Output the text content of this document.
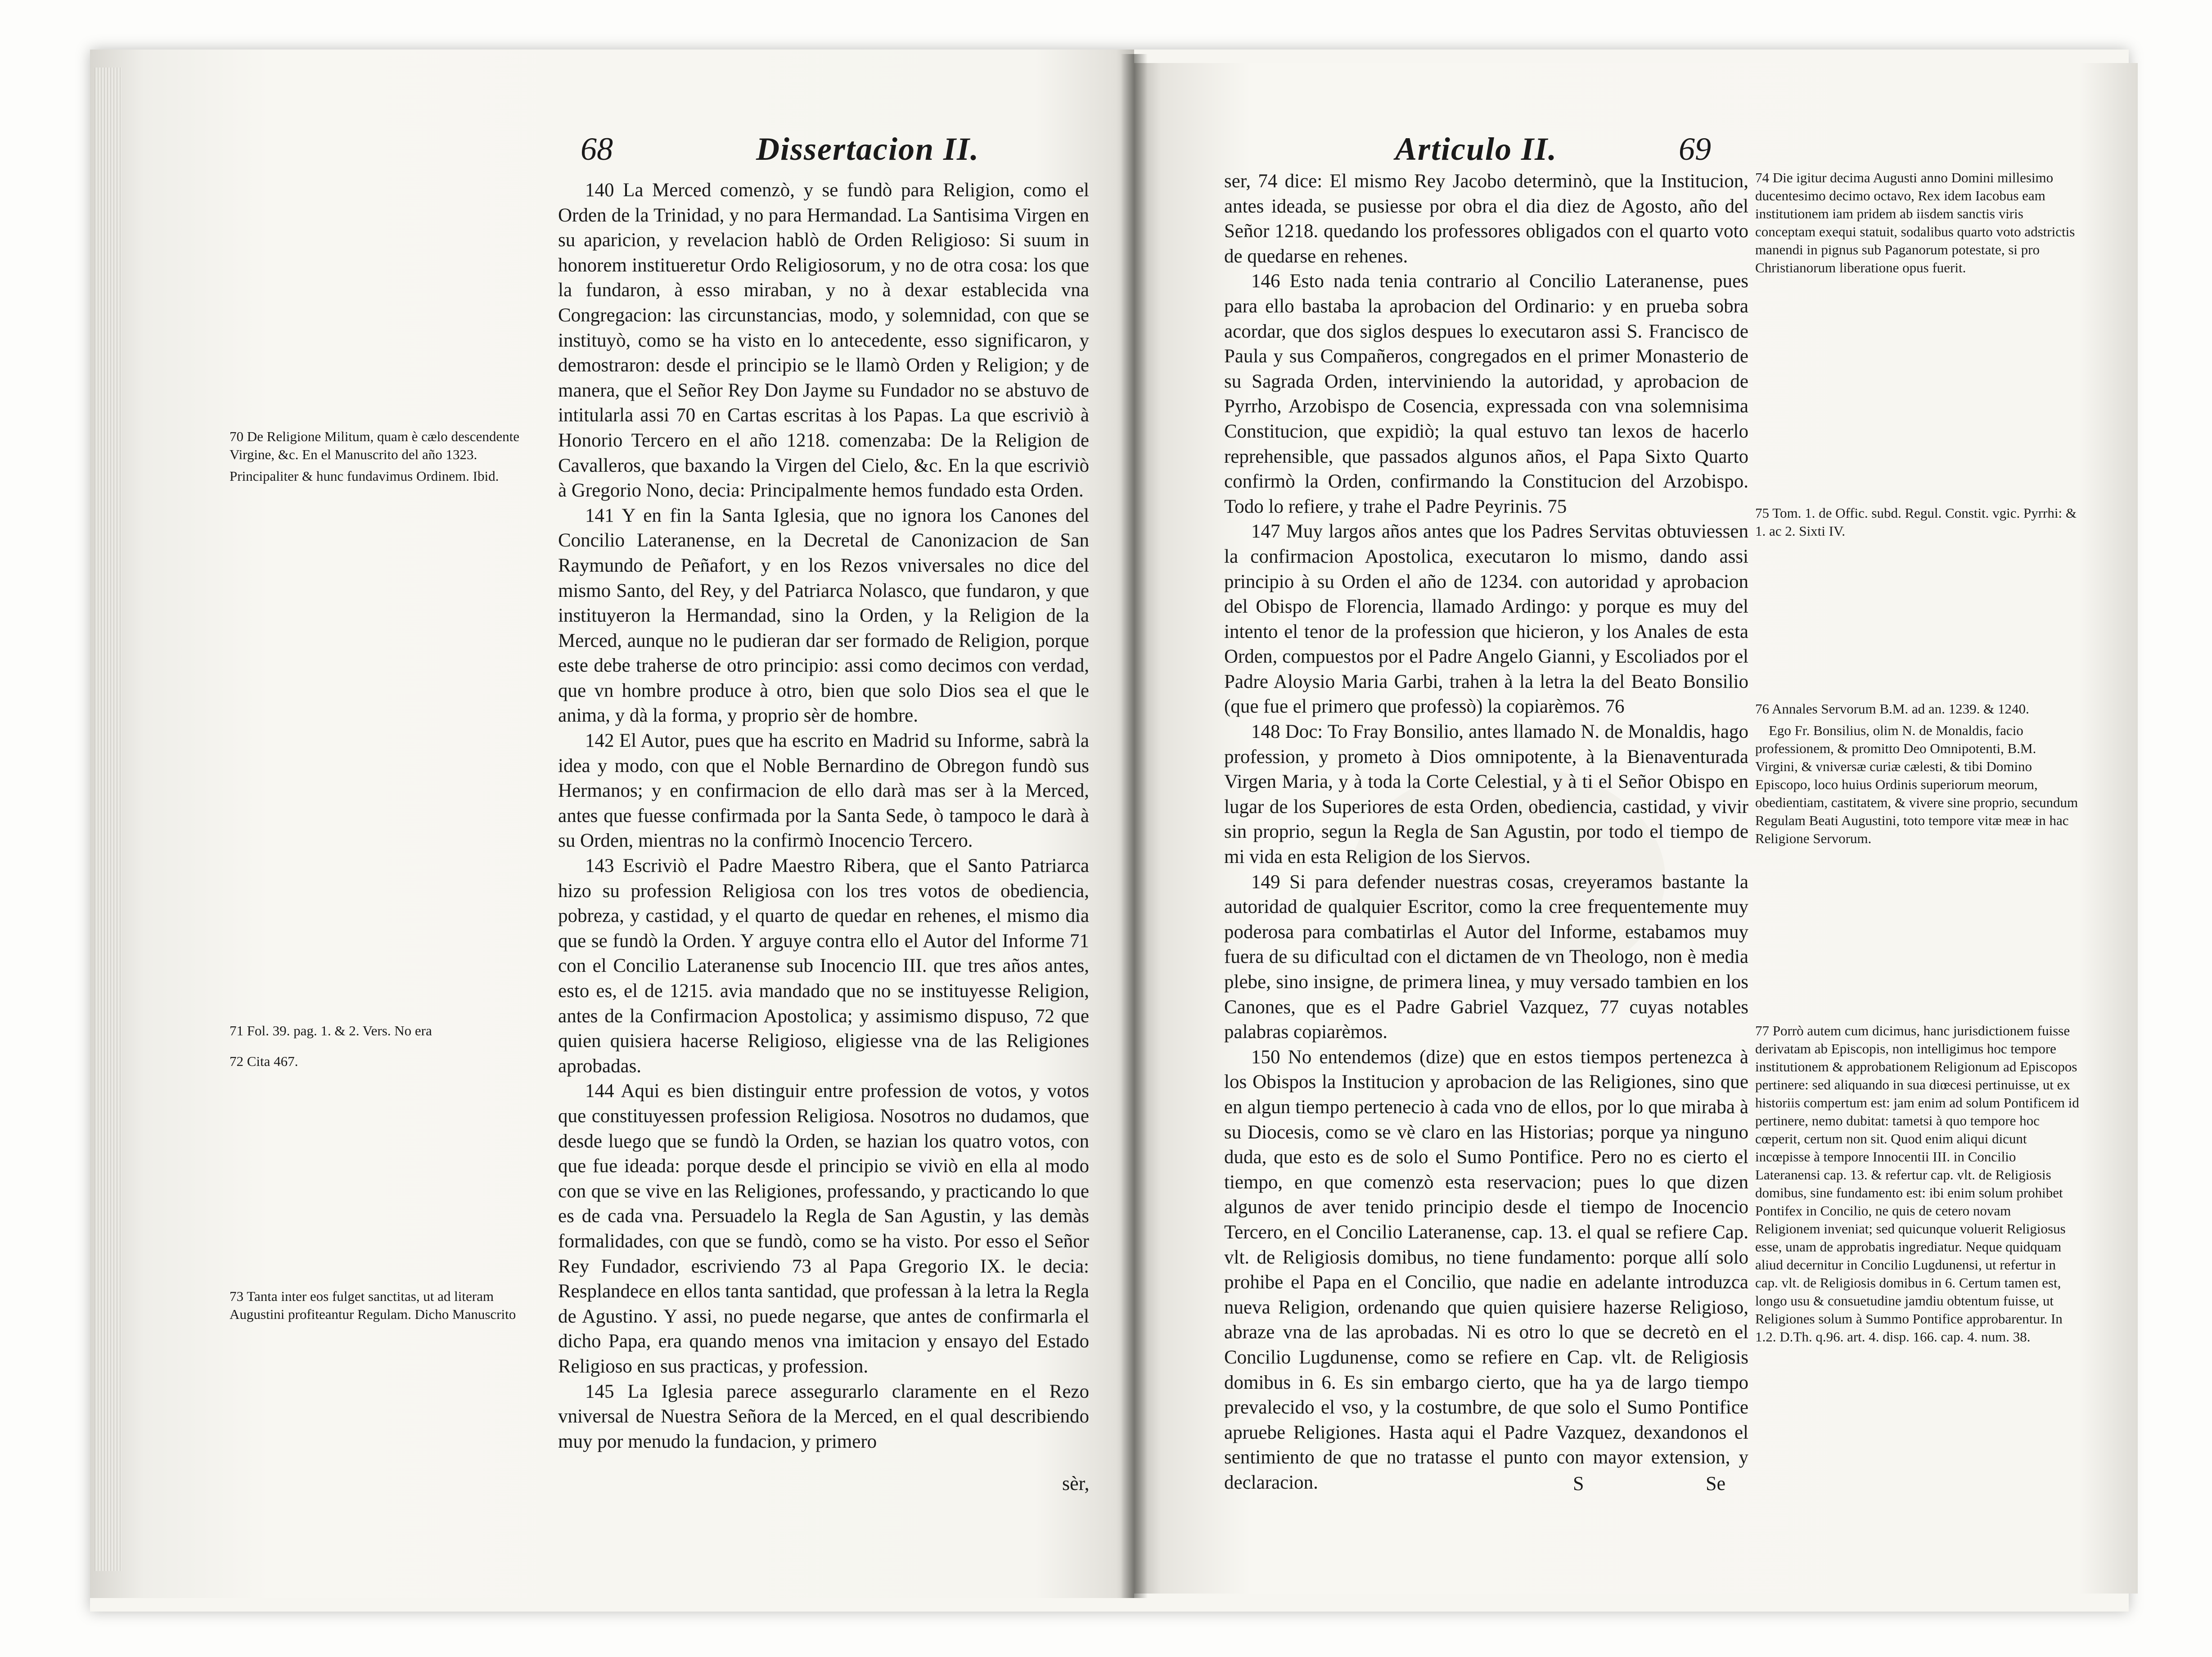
68	Dissertacion II.

140 La Merced comenzò, y se fundò para Religion, como el Orden de la Trinidad, y no para Hermandad. La Santisima Virgen en su aparicion, y revelacion hablò de Orden Religioso: Si suum in honorem institueretur Ordo Religiosorum, y no de otra cosa: los que la fundaron, à esso miraban, y no à dexar establecida vna Congregacion: las circunstancias, modo, y solemnidad, con que se instituyò, como se ha visto en lo antecedente, esso significaron, y demostraron: desde el principio se le llamò Orden y Religion; y de manera, que el Señor Rey Don Jayme su Fundador no se abstuvo de intitularla assi 70 en Cartas escritas à los Papas. La que escriviò à Honorio Tercero en el año 1218. comenzaba: De la Religion de Cavalleros, que baxando la Virgen del Cielo, &c. En la que escriviò à Gregorio Nono, decia: Principalmente hemos fundado esta Orden.

141 Y en fin la Santa Iglesia, que no ignora los Canones del Concilio Lateranense, en la Decretal de Canonizacion de San Raymundo de Peñafort, y en los Rezos vniversales no dice del mismo Santo, del Rey, y del Patriarca Nolasco, que fundaron, y que instituyeron la Hermandad, sino la Orden, y la Religion de la Merced, aunque no le pudieran dar ser formado de Religion, porque este debe traherse de otro principio: assi como decimos con verdad, que vn hombre produce à otro, bien que solo Dios sea el que le anima, y dà la forma, y proprio sèr de hombre.

142 El Autor, pues que ha escrito en Madrid su Informe, sabrà la idea y modo, con que el Noble Bernardino de Obregon fundò sus Hermanos; y en confirmacion de ello darà mas ser à la Merced, antes que fuesse confirmada por la Santa Sede, ò tampoco le darà à su Orden, mientras no la confirmò Inocencio Tercero.

143 Escriviò el Padre Maestro Ribera, que el Santo Patriarca hizo su profession Religiosa con los tres votos de obediencia, pobreza, y castidad, y el quarto de quedar en rehenes, el mismo dia que se fundò la Orden. Y arguye contra ello el Autor del Informe 71 con el Concilio Lateranense sub Inocencio III. que tres años antes, esto es, el de 1215. avia mandado que no se instituyesse Religion, antes de la Confirmacion Apostolica; y assimismo dispuso, 72 que quien quisiera hacerse Religioso, eligiesse vna de las Religiones aprobadas.

144 Aqui es bien distinguir entre profession de votos, y votos que constituyessen profession Religiosa. Nosotros no dudamos, que desde luego que se fundò la Orden, se hazian los quatro votos, con que fue ideada: porque desde el principio se viviò en ella al modo con que se vive en las Religiones, professando, y practicando lo que es de cada vna. Persuadelo la Regla de San Agustin, y las demàs formalidades, con que se fundò, como se ha visto. Por esso el Señor Rey Fundador, escriviendo 73 al Papa Gregorio IX. le decia: Resplandece en ellos tanta santidad, que professan à la letra la Regla de Agustino. Y assi, no puede negarse, que antes de confirmarla el dicho Papa, era quando menos vna imitacion y ensayo del Estado Religioso en sus practicas, y profession.

145 La Iglesia parece assegurarlo claramente en el Rezo vniversal de Nuestra Señora de la Merced, en el qual describiendo muy por menudo la fundacion, y primero

sèr,

70 De Religione Militum, quam è cælo descendente Virgine, &c. En el Manuscrito del año 1323.

Principaliter & hunc fundavimus Ordinem. Ibid.

71 Fol. 39. pag. 1. & 2. Vers. No era

72 Cita 467.

73 Tanta inter eos fulget sanctitas, ut ad literam Augustini profiteantur Regulam. Dicho Manuscrito

Articulo II.	69

ser, 74 dice: El mismo Rey Jacobo determinò, que la Institucion, antes ideada, se pusiesse por obra el dia diez de Agosto, año del Señor 1218. quedando los professores obligados con el quarto voto de quedarse en rehenes.

146 Esto nada tenia contrario al Concilio Lateranense, pues para ello bastaba la aprobacion del Ordinario: y en prueba sobra acordar, que dos siglos despues lo executaron assi S. Francisco de Paula y sus Compañeros, congregados en el primer Monasterio de su Sagrada Orden, interviniendo la autoridad, y aprobacion de Pyrrho, Arzobispo de Cosencia, expressada con vna solemnisima Constitucion, que expidiò; la qual estuvo tan lexos de hacerlo reprehensible, que passados algunos años, el Papa Sixto Quarto confirmò la Orden, confirmando la Constitucion del Arzobispo. Todo lo refiere, y trahe el Padre Peyrinis. 75

147 Muy largos años antes que los Padres Servitas obtuviessen la confirmacion Apostolica, executaron lo mismo, dando assi principio à su Orden el año de 1234. con autoridad y aprobacion del Obispo de Florencia, llamado Ardingo: y porque es muy del intento el tenor de la profession que hicieron, y los Anales de esta Orden, compuestos por el Padre Angelo Gianni, y Escoliados por el Padre Aloysio Maria Garbi, trahen à la letra la del Beato Bonsilio (que fue el primero que professò) la copiarèmos. 76

148 Doc: To Fray Bonsilio, antes llamado N. de Monaldis, hago profession, y prometo à Dios omnipotente, à la Bienaventurada Virgen Maria, y à toda la Corte Celestial, y à ti el Señor Obispo en lugar de los Superiores de esta Orden, obediencia, castidad, y vivir sin proprio, segun la Regla de San Agustin, por todo el tiempo de mi vida en esta Religion de los Siervos.

149 Si para defender nuestras cosas, creyeramos bastante la autoridad de qualquier Escritor, como la cree frequentemente muy poderosa para combatirlas el Autor del Informe, estabamos muy fuera de su dificultad con el dictamen de vn Theologo, non è media plebe, sino insigne, de primera linea, y muy versado tambien en los Canones, que es el Padre Gabriel Vazquez, 77 cuyas notables palabras copiarèmos.

150 No entendemos (dize) que en estos tiempos pertenezca à los Obispos la Institucion y aprobacion de las Religiones, sino que en algun tiempo pertenecio à cada vno de ellos, por lo que miraba à su Diocesis, como se vè claro en las Historias; porque ya ninguno duda, que esto es de solo el Sumo Pontifice. Pero no es cierto el tiempo, en que comenzò esta reservacion; pues lo que dizen algunos de aver tenido principio desde el tiempo de Inocencio Tercero, en el Concilio Lateranense, cap. 13. el qual se refiere Cap. vlt. de Religiosis domibus, no tiene fundamento: porque allí solo prohibe el Papa en el Concilio, que nadie en adelante introduzca nueva Religion, ordenando que quien quisiere hazerse Religioso, abraze vna de las aprobadas. Ni es otro lo que se decretò en el Concilio Lugdunense, como se refiere en Cap. vlt. de Religiosis domibus in 6. Es sin embargo cierto, que ha ya de largo tiempo prevalecido el vso, y la costumbre, de que solo el Sumo Pontifice apruebe Religiones. Hasta aqui el Padre Vazquez, dexandonos el sentimiento de que no tratasse el punto con mayor extension, y declaracion.	S	Se

74 Die igitur decima Augusti anno Domini millesimo ducentesimo decimo octavo, Rex idem Iacobus eam institutionem iam pridem ab iisdem sanctis viris conceptam exequi statuit, sodalibus quarto voto adstrictis manendi in pignus sub Paganorum potestate, si pro Christianorum liberatione opus fuerit.

75 Tom. 1. de Offic. subd. Regul. Constit. vgic. Pyrrhi: & 1. ac 2. Sixti IV.

76 Annales Servorum B.M. ad an. 1239. & 1240.

Ego Fr. Bonsilius, olim N. de Monaldis, facio professionem, & promitto Deo Omnipotenti, B.M. Virgini, & vniversæ curiæ cælesti, & tibi Domino Episcopo, loco huius Ordinis superiorum meorum, obedientiam, castitatem, & vivere sine proprio, secundum Regulam Beati Augustini, toto tempore vitæ meæ in hac Religione Servorum.

77 Porrò autem cum dicimus, hanc jurisdictionem fuisse derivatam ab Episcopis, non intelligimus hoc tempore institutionem & approbationem Religionum ad Episcopos pertinere: sed aliquando in sua diœcesi pertinuisse, ut ex historiis compertum est: jam enim ad solum Pontificem id pertinere, nemo dubitat: tametsi à quo tempore hoc cœperit, certum non sit. Quod enim aliqui dicunt incœpisse à tempore Innocentii III. in Concilio Lateranensi cap. 13. & refertur cap. vlt. de Religiosis domibus, sine fundamento est: ibi enim solum prohibet Pontifex in Concilio, ne quis de cetero novam Religionem inveniat; sed quicunque voluerit Religiosus esse, unam de approbatis ingrediatur. Neque quidquam aliud decernitur in Concilio Lugdunensi, ut refertur in cap. vlt. de Religiosis domibus in 6. Certum tamen est, longo usu & consuetudine jamdiu obtentum fuisse, ut Religiones solum à Summo Pontifice approbarentur. In 1.2. D.Th. q.96. art. 4. disp. 166. cap. 4. num. 38.
